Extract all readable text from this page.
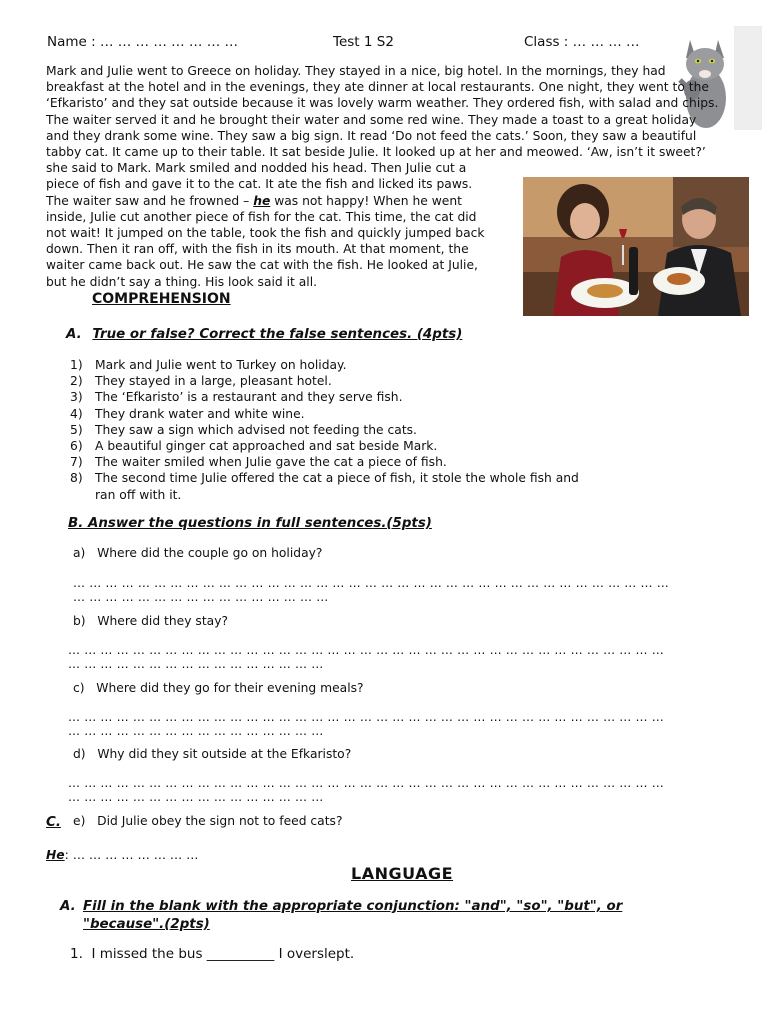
Name : … … … … … … … …	Test 1 S2	Class : … … … …

Mark and Julie went to Greece on holiday. They stayed in a nice, big hotel. In the mornings, they had breakfast at the hotel and in the evenings, they ate dinner at local restaurants. One night, they went to the ‘Efkaristo’ and they sat outside because it was lovely warm weather. They ordered fish, with salad and chips. The waiter served it and he brought their water and some red wine. They made a toast to a great holiday and they drank some wine. They saw a big sign. It read ‘Do not feed the cats.’ Soon, they saw a beautiful tabby cat. It came up to their table. It sat beside Julie. It looked up at her and meowed. ‘Aw, isn’t it sweet?’ she said to Mark. Mark smiled and nodded his head. Then Julie cut a piece of fish and gave it to the cat. It ate the fish and licked its paws. The waiter saw and he frowned – he was not happy! When he went inside, Julie cut another piece of fish for the cat. This time, the cat did not wait! It jumped on the table, took the fish and quickly jumped back down. Then it ran off, with the fish in its mouth. At that moment, the waiter came back out. He saw the cat with the fish. He looked at Julie, but he didn’t say a thing. His look said it all.

COMPREHENSION
A. True or false? Correct the false sentences. (4pts)
1) Mark and Julie went to Turkey on holiday.
2) They stayed in a large, pleasant hotel.
3) The ‘Efkaristo’ is a restaurant and they serve fish.
4) They drank water and white wine.
5) They saw a sign which advised not feeding the cats.
6) A beautiful ginger cat approached and sat beside Mark.
7) The waiter smiled when Julie gave the cat a piece of fish.
8) The second time Julie offered the cat a piece of fish, it stole the whole fish and ran off with it.
B. Answer the questions in full sentences.(5pts)
a) Where did the couple go on holiday?
… … … … … … … … … … … … … … … … … … … … … … … … … … … … … … … … … … … … … … … … … … … … … … … … … … … … …
b) Where did they stay?
… … … … … … … … … … … … … … … … … … … … … … … … … … … … … … … … … … … … … … … … … … … … … … … … … … … … …
c) Where did they go for their evening meals?
… … … … … … … … … … … … … … … … … … … … … … … … … … … … … … … … … … … … … … … … … … … … … … … … … … … … …
d) Why did they sit outside at the Efkaristo?
… … … … … … … … … … … … … … … … … … … … … … … … … … … … … … … … … … … … … … … … … … … … … … … … … … … … …
C. e) Did Julie obey the sign not to feed cats?
He: … … … … … … … …
LANGUAGE
A. Fill in the blank with the appropriate conjunction: "and", "so", "but", or "because".(2pts)
1. I missed the bus __________ I overslept.
